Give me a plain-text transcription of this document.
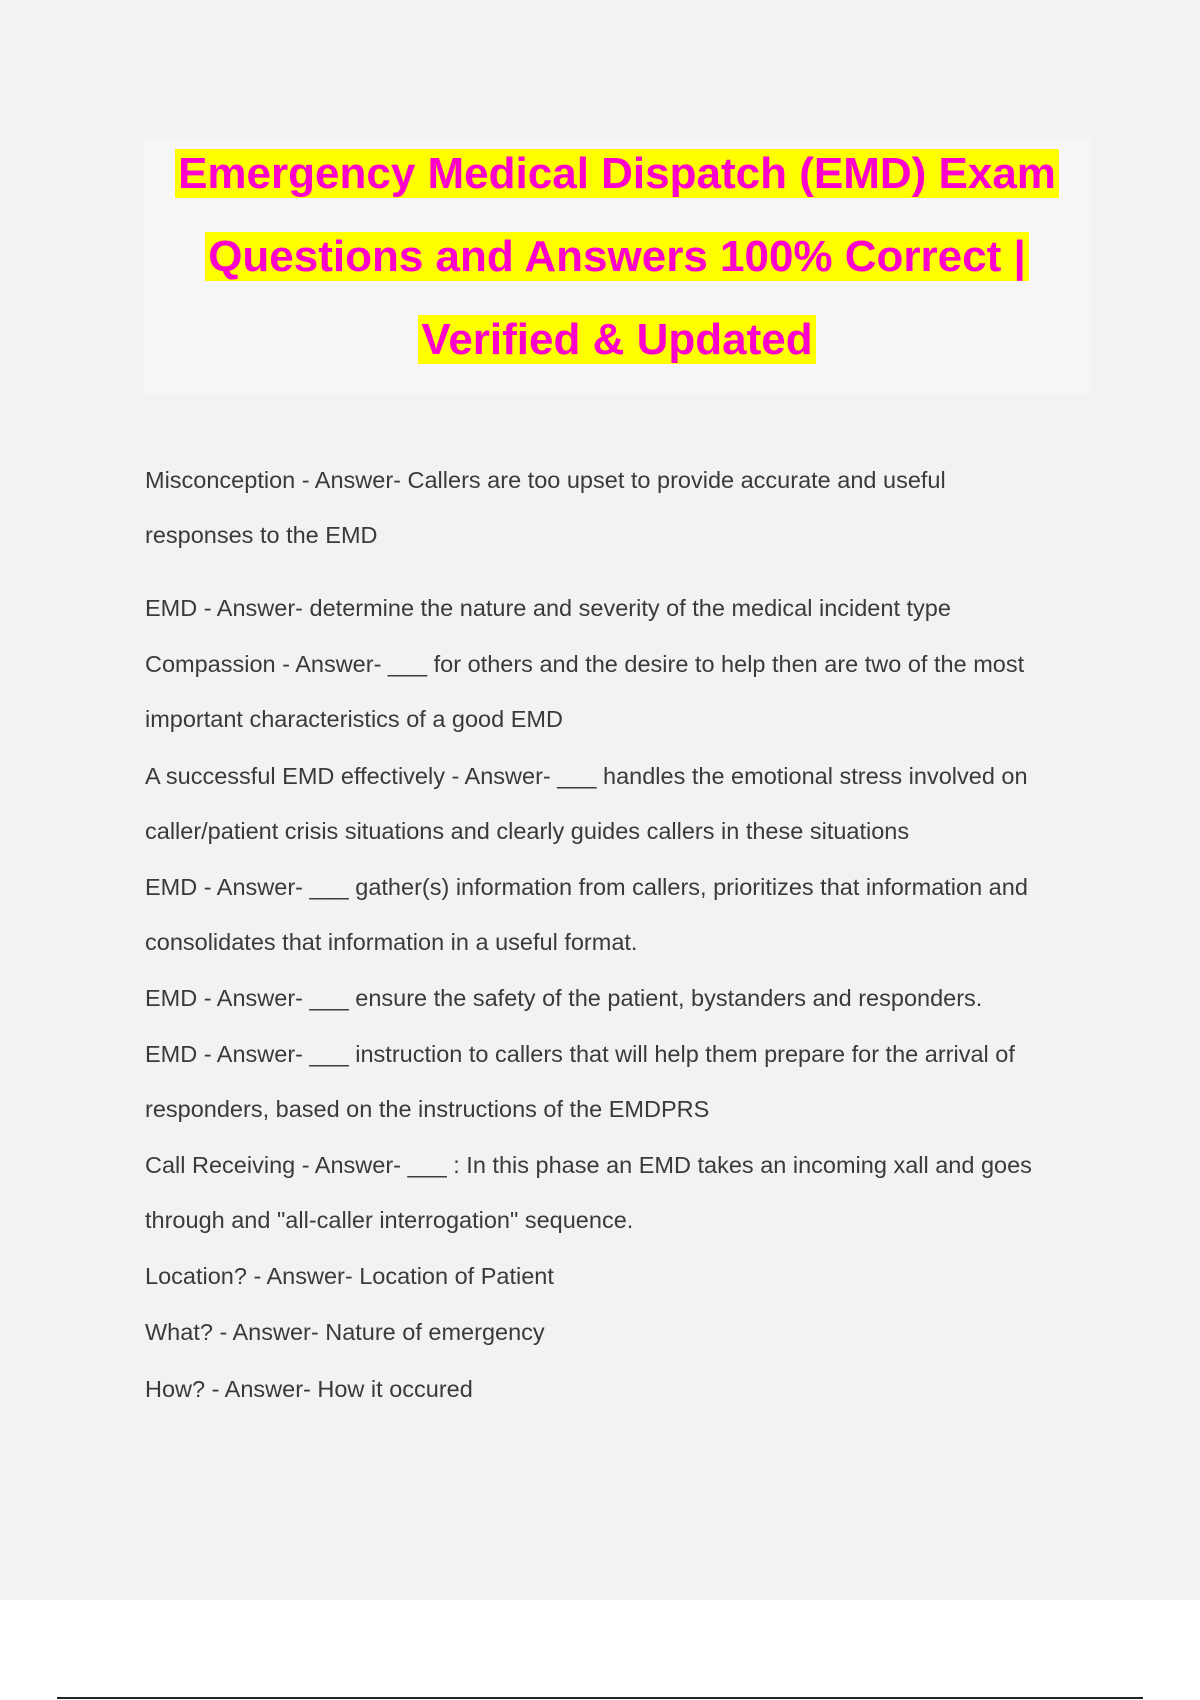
Emergency Medical Dispatch (EMD) Exam
Questions and Answers 100% Correct |
Verified & Updated

Misconception - Answer- Callers are too upset to provide accurate and useful
responses to the EMD

EMD - Answer- determine the nature and severity of the medical incident type

Compassion - Answer- ___ for others and the desire to help then are two of the most
important characteristics of a good EMD

A successful EMD effectively - Answer- ___ handles the emotional stress involved on
caller/patient crisis situations and clearly guides callers in these situations

EMD - Answer- ___ gather(s) information from callers, prioritizes that information and
consolidates that information in a useful format.

EMD - Answer- ___ ensure the safety of the patient, bystanders and responders.

EMD - Answer- ___ instruction to callers that will help them prepare for the arrival of
responders, based on the instructions of the EMDPRS

Call Receiving - Answer- ___ : In this phase an EMD takes an incoming xall and goes
through and "all-caller interrogation" sequence.

Location? - Answer- Location of Patient

What? - Answer- Nature of emergency

How? - Answer- How it occured
